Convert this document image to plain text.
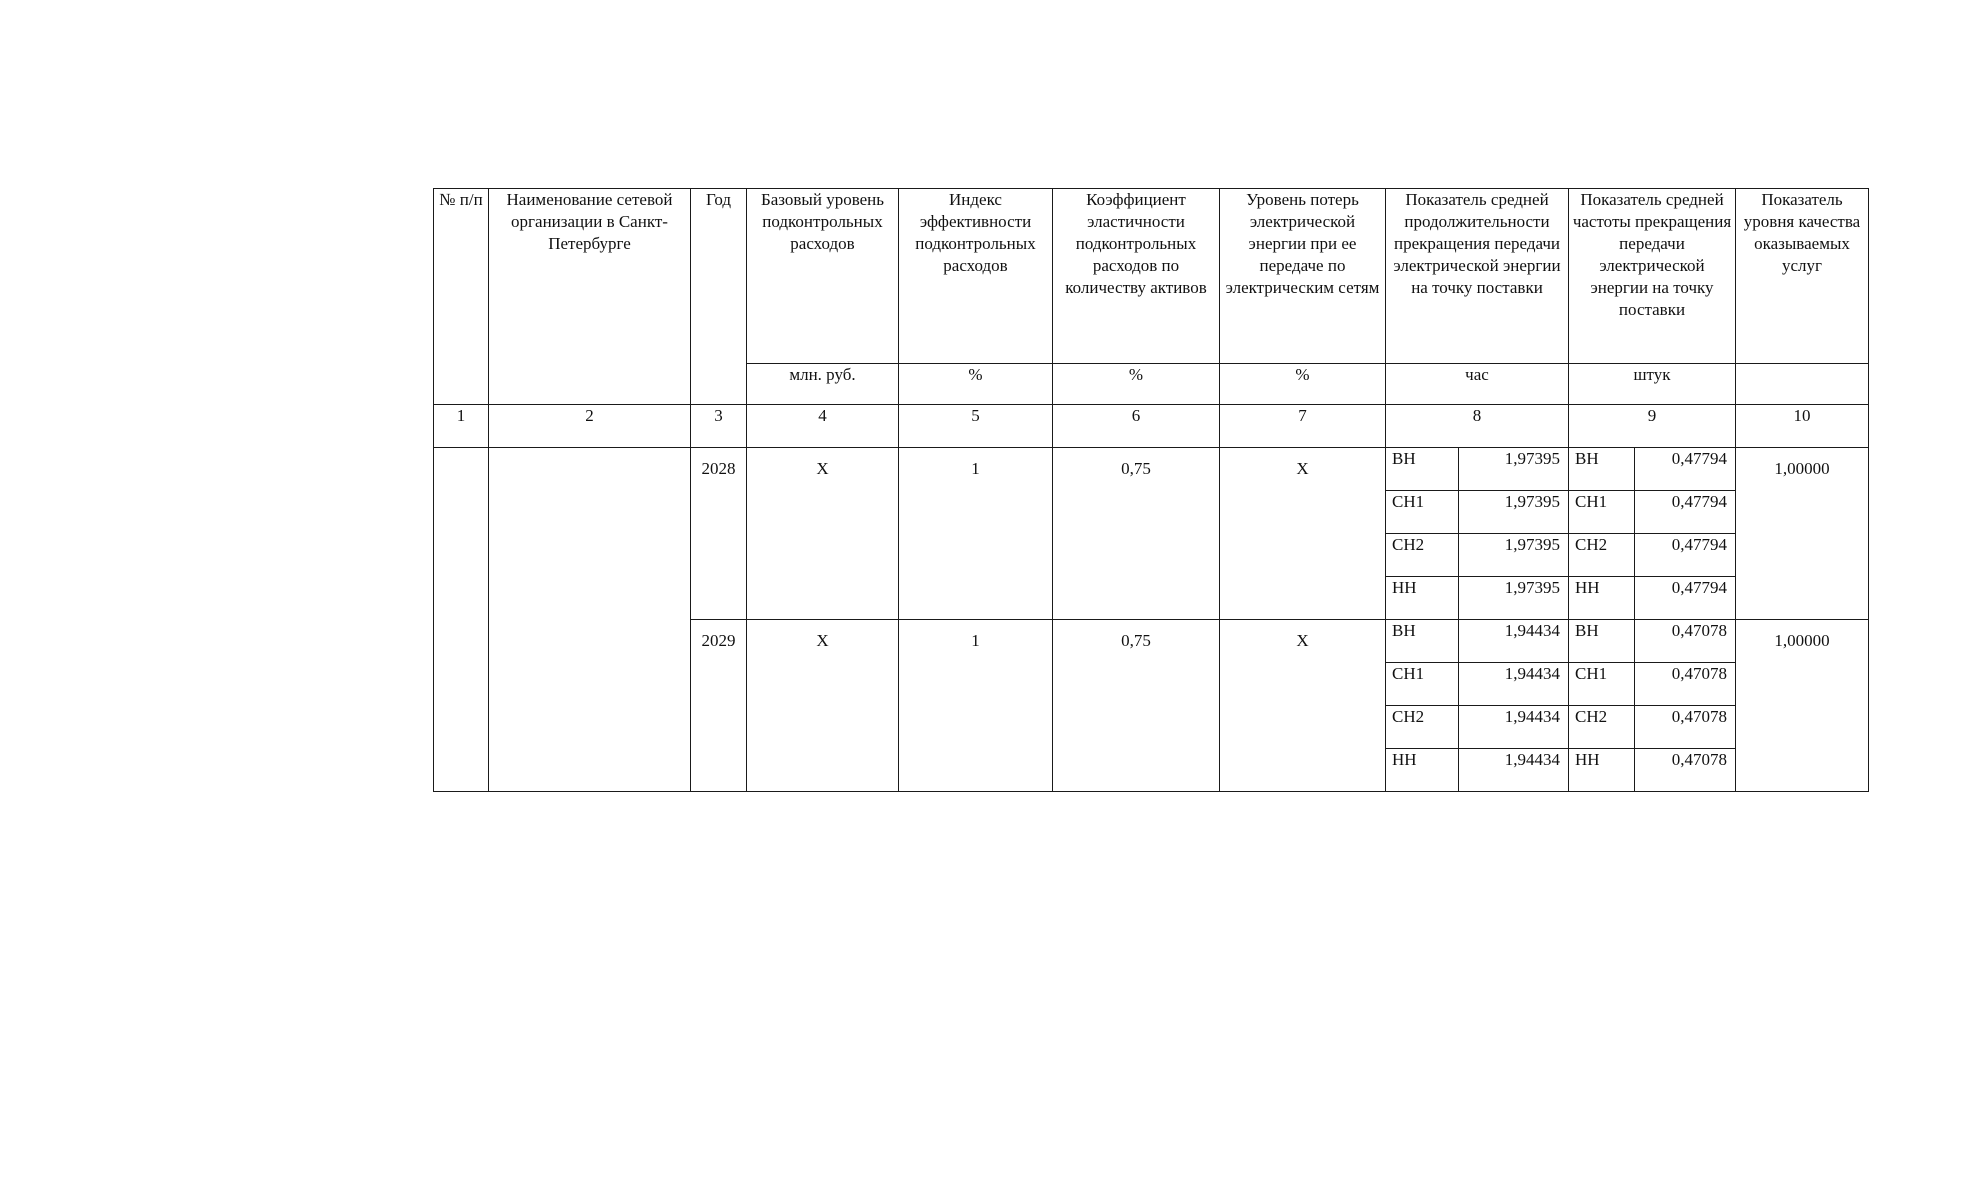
№ п/п	Наименование сетевой организации в Санкт-Петербурге	Год	Базовый уровень подконтрольных расходов	Индекс эффективности подконтрольных расходов	Коэффициент эластичности подконтрольных расходов по количеству активов	Уровень потерь электрической энергии при ее передаче по электрическим сетям	Показатель средней продолжительности прекращения передачи электрической энергии на точку поставки		Показатель средней частоты прекращения передачи электрической энергии на точку поставки		Показатель уровня качества оказываемых услуг
			млн. руб.	%	%	%	час		штук		
1	2	3	4	5	6	7	8		9		10
		2028	X	1	0,75	X	ВН	1,97395	ВН	0,47794	1,00000
							СН1	1,97395	СН1	0,47794	
							СН2	1,97395	СН2	0,47794	
							НН	1,97395	НН	0,47794	
		2029	X	1	0,75	X	ВН	1,94434	ВН	0,47078	1,00000
							СН1	1,94434	СН1	0,47078	
							СН2	1,94434	СН2	0,47078	
							НН	1,94434	НН	0,47078	
